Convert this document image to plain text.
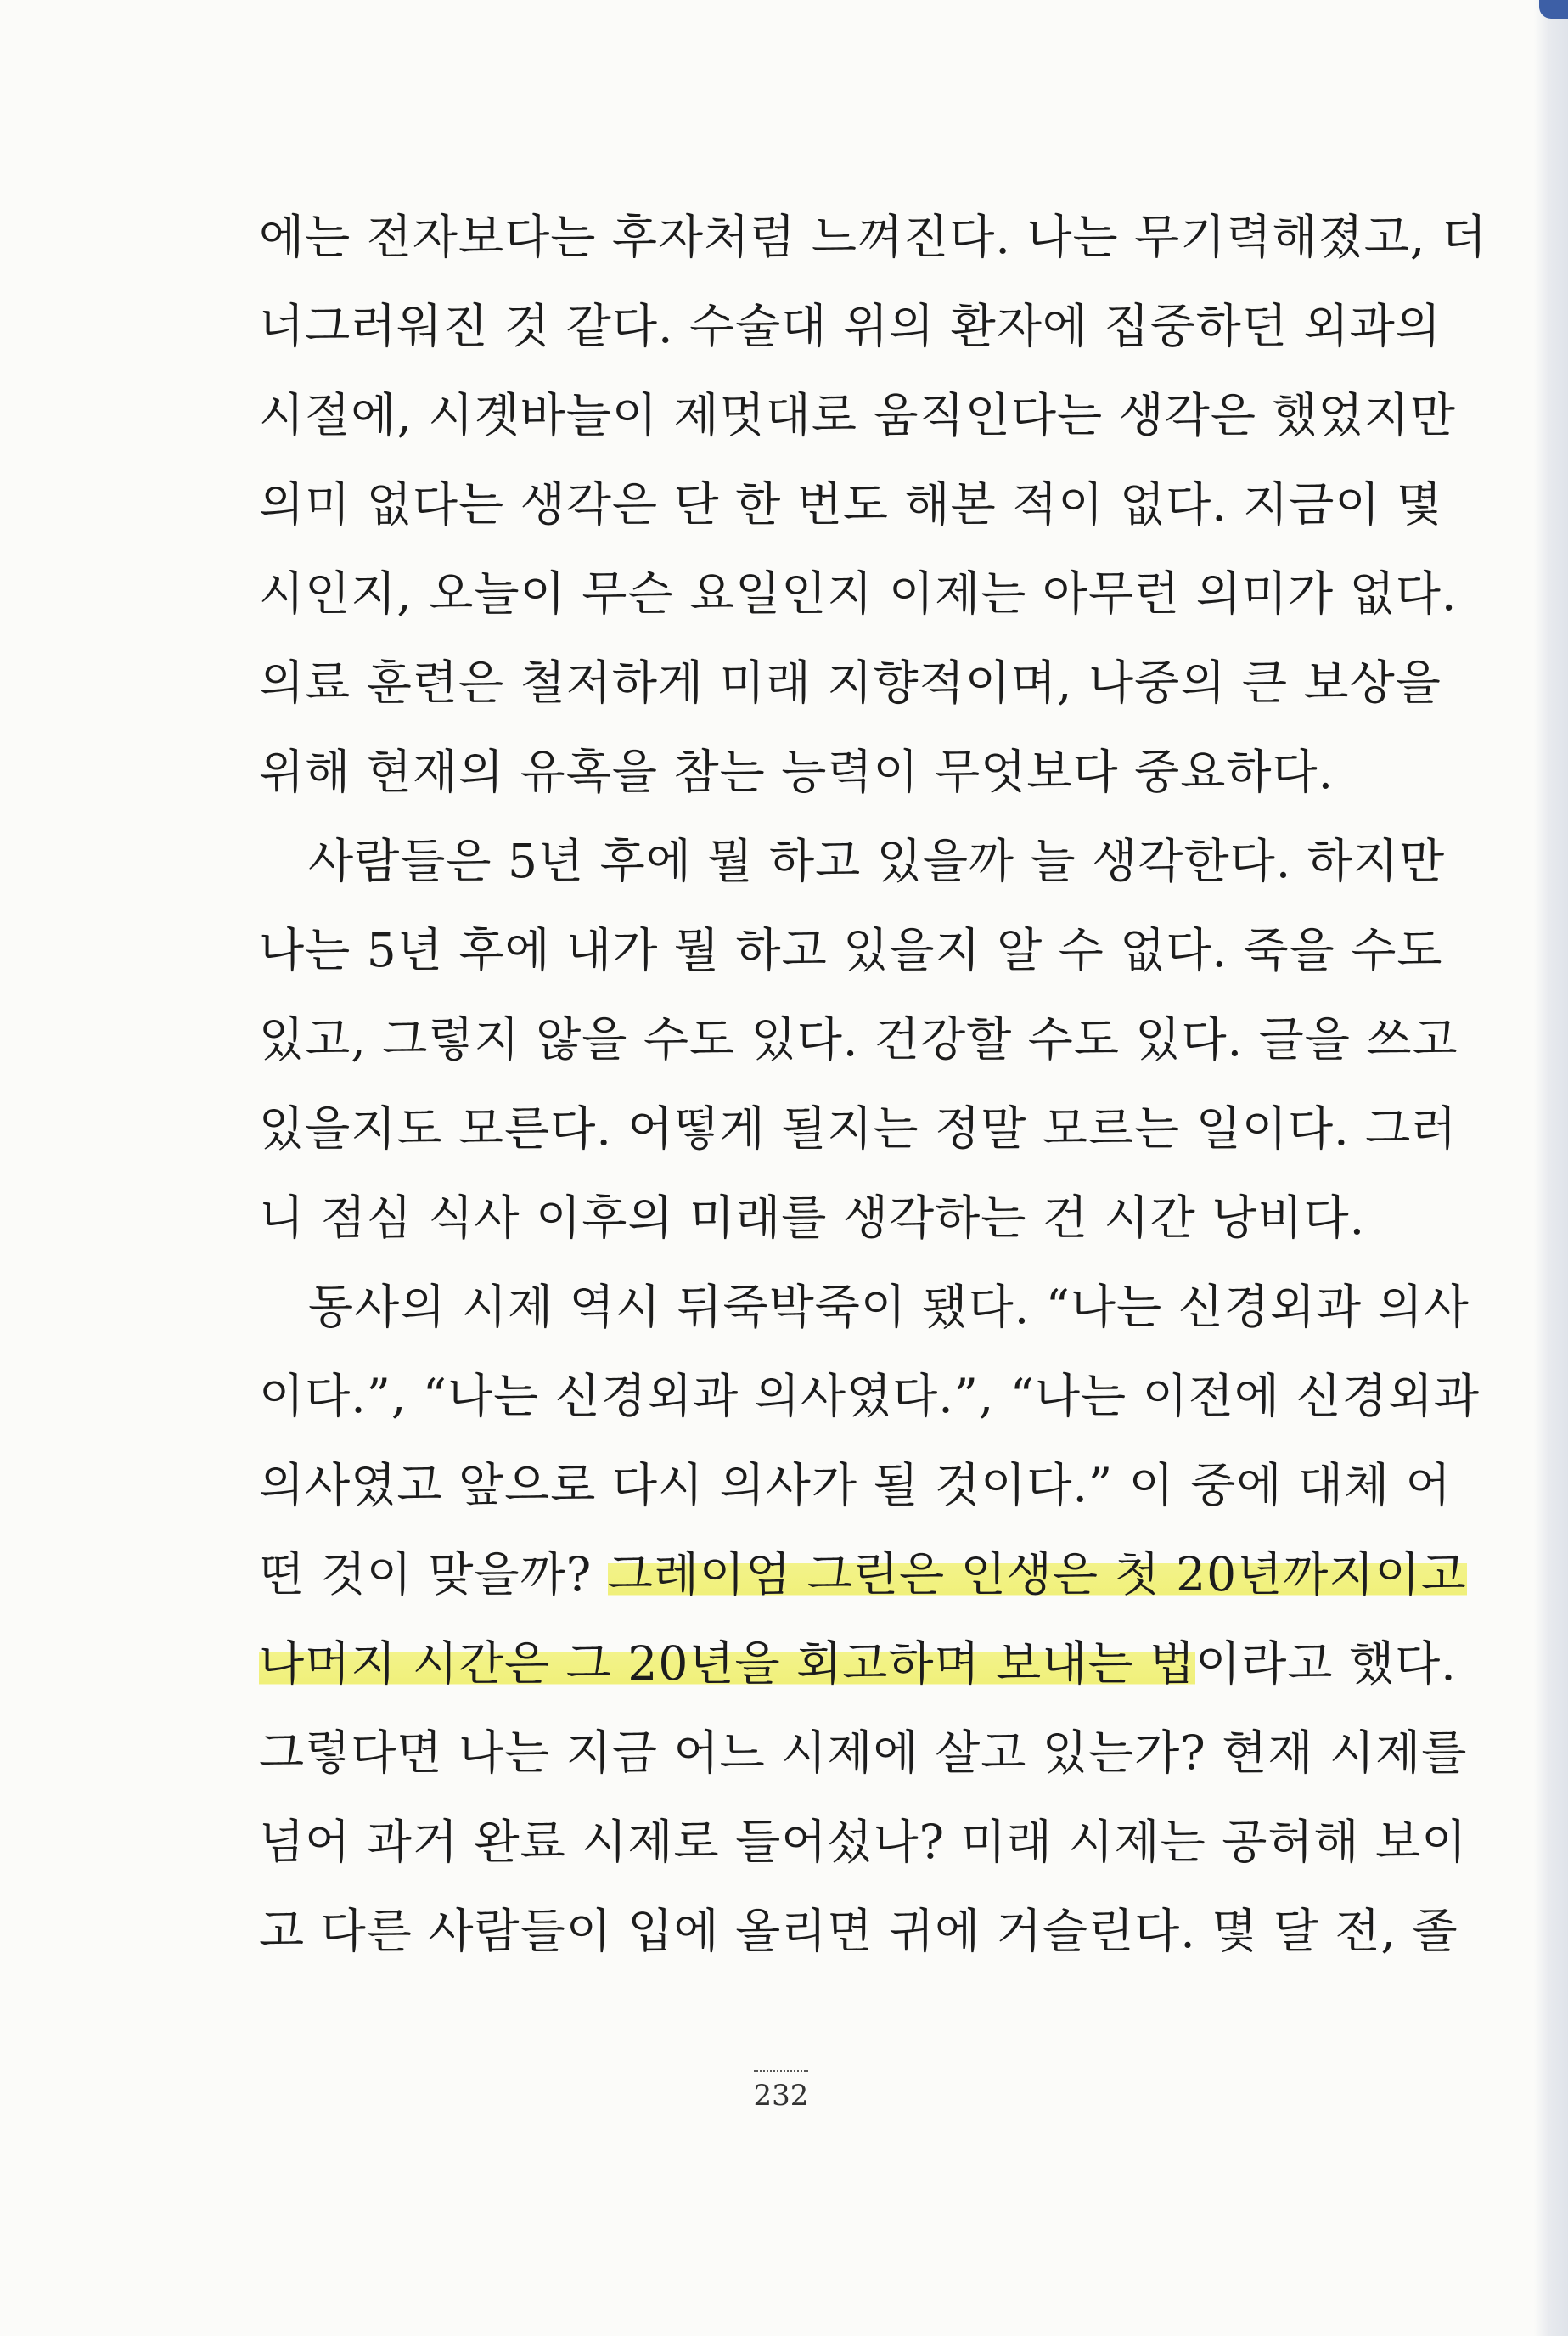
에는 전자보다는 후자처럼 느껴진다. 나는 무기력해졌고, 더
너그러워진 것 같다. 수술대 위의 환자에 집중하던 외과의
시절에, 시곗바늘이 제멋대로 움직인다는 생각은 했었지만
의미 없다는 생각은 단 한 번도 해본 적이 없다. 지금이 몇
시인지, 오늘이 무슨 요일인지 이제는 아무런 의미가 없다.
의료 훈련은 철저하게 미래 지향적이며, 나중의 큰 보상을
위해 현재의 유혹을 참는 능력이 무엇보다 중요하다.
사람들은 5년 후에 뭘 하고 있을까 늘 생각한다. 하지만
나는 5년 후에 내가 뭘 하고 있을지 알 수 없다. 죽을 수도
있고, 그렇지 않을 수도 있다. 건강할 수도 있다. 글을 쓰고
있을지도 모른다. 어떻게 될지는 정말 모르는 일이다. 그러
니 점심 식사 이후의 미래를 생각하는 건 시간 낭비다.
동사의 시제 역시 뒤죽박죽이 됐다. “나는 신경외과 의사
이다.”, “나는 신경외과 의사였다.”, “나는 이전에 신경외과
의사였고 앞으로 다시 의사가 될 것이다.” 이 중에 대체 어
떤 것이 맞을까? 그레이엄 그린은 인생은 첫 20년까지이고
나머지 시간은 그 20년을 회고하며 보내는 법이라고 했다.
그렇다면 나는 지금 어느 시제에 살고 있는가? 현재 시제를
넘어 과거 완료 시제로 들어섰나? 미래 시제는 공허해 보이
고 다른 사람들이 입에 올리면 귀에 거슬린다. 몇 달 전, 졸
232
